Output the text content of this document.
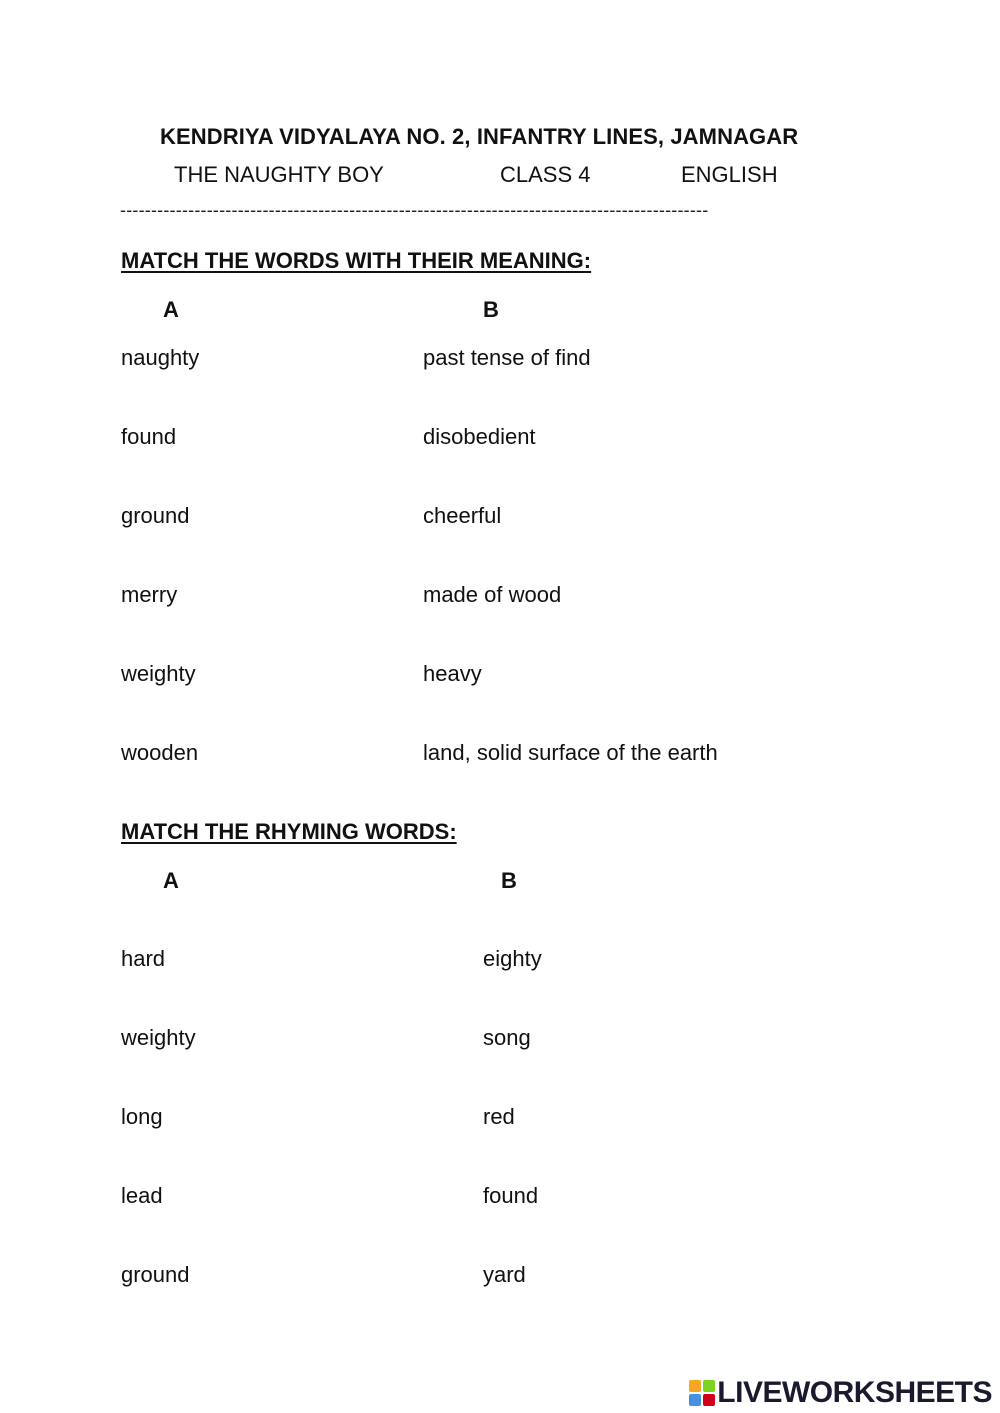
KENDRIYA VIDYALAYA NO. 2, INFANTRY LINES, JAMNAGAR
THE NAUGHTY BOY	CLASS 4	ENGLISH
-----------------------------------------------------------------------------------------------
MATCH THE WORDS WITH THEIR MEANING:
A	B
naughty	past tense of find
found	disobedient
ground	cheerful
merry	made of wood
weighty	heavy
wooden	land, solid surface of the earth
MATCH THE RHYMING WORDS:
A	B
hard	eighty
weighty	song
long	red
lead	found
ground	yard
LIVEWORKSHEETS
